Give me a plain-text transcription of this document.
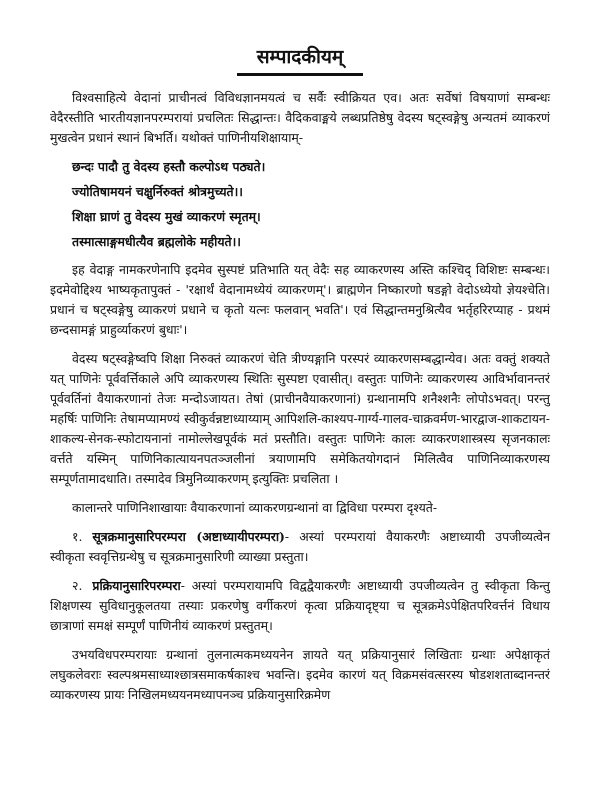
सम्पादकीयम्

विश्वसाहित्ये वेदानां प्राचीनत्वं विविधज्ञानमयत्वं च सर्वैः स्वीक्रियत एव। अतः सर्वेषां विषयाणां सम्बन्धः वेदैरस्तीति भारतीयज्ञानपरम्परायां प्रचलितः सिद्धान्तः। वैदिकवाङ्मये लब्धप्रतिष्ठेषु वेदस्य षट्स्वङ्गेषु अन्यतमं व्याकरणं मुखत्वेन प्रधानं स्थानं बिभर्ति। यथोक्तं पाणिनीयशिक्षायाम्-

छन्दः पादौ तु वेदस्य हस्तौ कल्पोऽथ पठ्यते।
ज्योतिषामयनं चक्षुर्निरुक्तं श्रोत्रमुच्यते।।
शिक्षा घ्राणं तु वेदस्य मुखं व्याकरणं स्मृतम्।
तस्मात्साङ्गमधीत्यैव ब्रह्मलोके महीयते।।

इह वेदाङ्ग नामकरणेनापि इदमेव सुस्पष्टं प्रतिभाति यत् वेदैः सह व्याकरणस्य अस्ति कश्चिद् विशिष्टः सम्बन्धः। इदमेवोद्दिश्य भाष्यकृतापुक्तं - 'रक्षार्थं वेदानामध्येयं व्याकरणम्'। ब्राह्मणेन निष्कारणो षडङ्गो वेदोऽध्येयो ज्ञेयश्चेति। प्रधानं च षट्स्वङ्गेषु व्याकरणं प्रधाने च कृतो यत्नः फलवान् भवति'। एवं सिद्धान्तमनुश्रित्यैव भर्तृहरिरप्याह - प्रथमं छन्दसामङ्गं प्राहुर्व्याकरणं बुधाः'।

वेदस्य षट्स्वङ्गेष्वपि शिक्षा निरुक्तं व्याकरणं चेति त्रीण्यङ्गानि परस्परं व्याकरणसम्बद्धान्येव। अतः वक्तुं शक्यते यत् पाणिनेः पूर्ववर्त्तिकाले अपि व्याकरणस्य स्थितिः सुस्पष्टा एवासीत्। वस्तुतः पाणिनेः व्याकरणस्य आविर्भावानन्तरं पूर्ववर्तिनां वैयाकरणानां तेजः मन्दोऽजायत। तेषां (प्राचीनवैयाकरणानां) ग्रन्थानामपि शनैश्शनैः लोपोऽभवत्। परन्तु महर्षिः पाणिनिः तेषामप्यामण्यं स्वीकुर्वन्नष्टाध्याय्याम् आपिशलि-काश्यप-गार्ग्य-गालव-चाक्रवर्मण-भारद्वाज-शाकटायन-शाकल्य-सेनक-स्फोटायनानां नामोल्लेखपूर्वकं मतं प्रस्तौति। वस्तुतः पाणिनेः कालः व्याकरणशास्त्रस्य सृजनकालः वर्त्तते यस्मिन् पाणिनिकात्यायनपतञ्जलीनां त्रयाणामपि समेकितयोगदानं मिलित्वैव पाणिनिव्याकरणस्य सम्पूर्णतामादधाति। तस्मादेव त्रिमुनिव्याकरणम् इत्युक्तिः प्रचलिता ।

कालान्तरे पाणिनिशाखायाः वैयाकरणानां व्याकरणग्रन्थानां वा द्विविधा परम्परा दृश्यते-

१. सूत्रक्रमानुसारिपरम्परा (अष्टाध्यायीपरम्परा)- अस्यां परम्परायां वैयाकरणैः अष्टाध्यायी उपजीव्यत्वेन स्वीकृता स्ववृत्तिग्रन्थेषु च सूत्रक्रमानुसारिणी व्याख्या प्रस्तुता।
२. प्रक्रियानुसारिपरम्परा- अस्यां परम्परायामपि विद्वद्वैयाकरणैः अष्टाध्यायी उपजीव्यत्वेन तु स्वीकृता किन्तु शिक्षणस्य सुविधानुकूलतया तस्याः प्रकरणेषु वर्गीकरणं कृत्वा प्रक्रियादृष्ट्या च सूत्रक्रमेऽपेक्षितपरिवर्त्तनं विधाय छात्राणां समक्षं सम्पूर्णं पाणिनीयं व्याकरणं प्रस्तुतम्।

उभयविधपरम्परायाः ग्रन्थानां तुलनात्मकमध्ययनेन ज्ञायते यत् प्रक्रियानुसारं लिखिताः ग्रन्थाः अपेक्षाकृतं लघुकलेवराः स्वल्पश्रमसाध्याश्छात्रसमाकर्षकाश्च भवन्ति। इदमेव कारणं यत् विक्रमसंवत्सरस्य षोडशशताब्दानन्तरं व्याकरणस्य प्रायः निखिलमध्ययनमध्यापनञ्च प्रक्रियानुसारिक्रमेण
